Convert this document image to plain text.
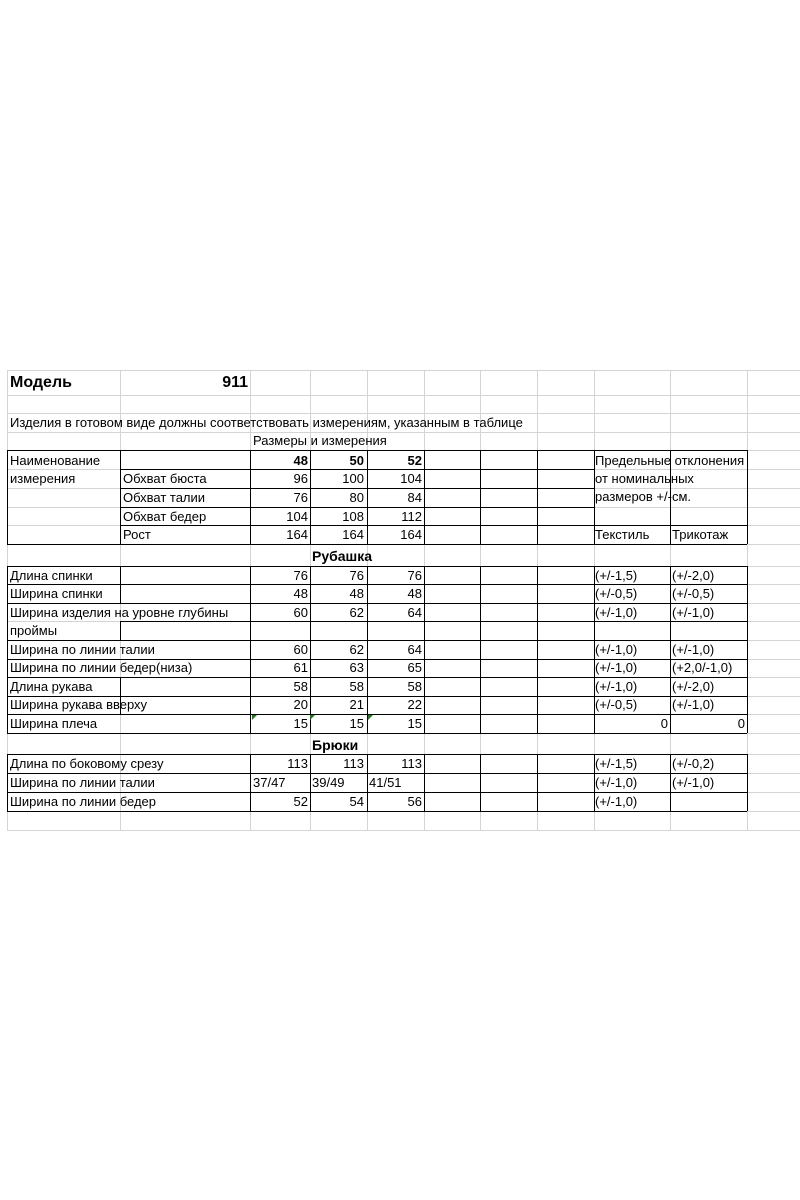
Модель	911
Изделия в готовом виде должны соответствовать измерениям, указанным в таблице
Размеры и измерения
Наименование
измерения
48	50	52	Предельные отклонения
от номинальных
размеров +/-см.
Текстиль Трикотаж
Обхват бюста	96	100	104
Обхват талии	76	80	84
Обхват бедер	104	108	112
Рост	164	164	164
Рубашка
Длина спинки	76	76	76	(+/-1,5)	(+/-2,0)
Ширина спинки	48	48	48	(+/-0,5)	(+/-0,5)
Ширина изделия на уровне глубины	60	62	64	(+/-1,0)	(+/-1,0)
проймы
Ширина по линии талии	60	62	64	(+/-1,0)	(+/-1,0)
Ширина по линии бедер(низа)	61	63	65	(+/-1,0)	(+2,0/-1,0)
Длина рукава	58	58	58	(+/-1,0)	(+/-2,0)
Ширина рукава вверху	20	21	22	(+/-0,5)	(+/-1,0)
Ширина плеча	15	15	15	0	0
Брюки
Длина по боковому срезу	113	113	113	(+/-1,5)	(+/-0,2)
Ширина по линии талии	37/47 39/49 41/51	(+/-1,0)	(+/-1,0)
Ширина по линии бедер	52	54	56	(+/-1,0)
